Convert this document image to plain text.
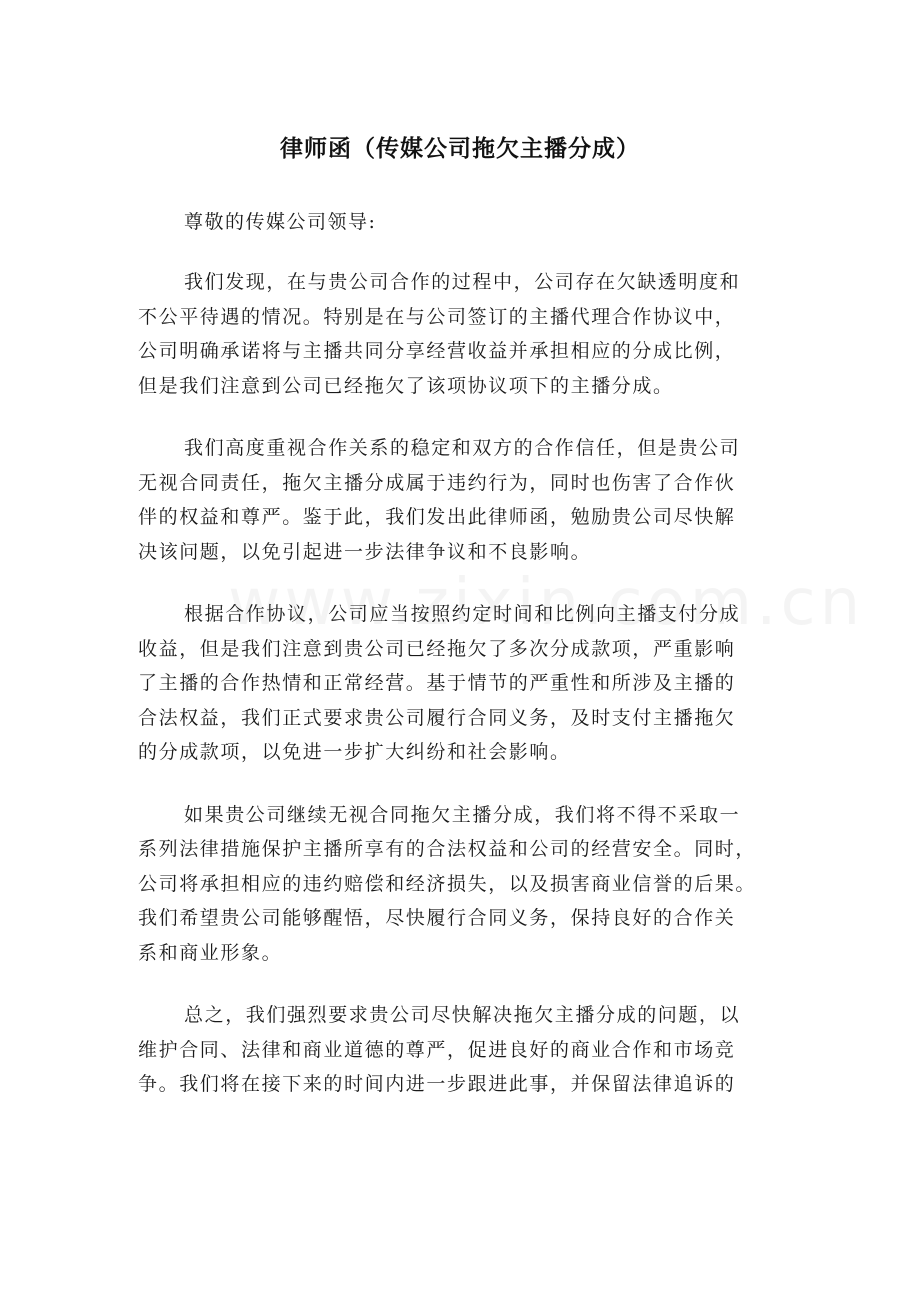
律师函（传媒公司拖欠主播分成）
尊敬的传媒公司领导:
我们发现，在与贵公司合作的过程中，公司存在欠缺透明度和
不公平待遇的情况。特别是在与公司签订的主播代理合作协议中，
公司明确承诺将与主播共同分享经营收益并承担相应的分成比例，
但是我们注意到公司已经拖欠了该项协议项下的主播分成。
我们高度重视合作关系的稳定和双方的合作信任，但是贵公司
无视合同责任，拖欠主播分成属于违约行为，同时也伤害了合作伙
伴的权益和尊严。鉴于此，我们发出此律师函，勉励贵公司尽快解
决该问题，以免引起进一步法律争议和不良影响。
根据合作协议，公司应当按照约定时间和比例向主播支付分成
收益，但是我们注意到贵公司已经拖欠了多次分成款项，严重影响
了主播的合作热情和正常经营。基于情节的严重性和所涉及主播的
合法权益，我们正式要求贵公司履行合同义务，及时支付主播拖欠
的分成款项，以免进一步扩大纠纷和社会影响。
如果贵公司继续无视合同拖欠主播分成，我们将不得不采取一
系列法律措施保护主播所享有的合法权益和公司的经营安全。同时，
公司将承担相应的违约赔偿和经济损失，以及损害商业信誉的后果。
我们希望贵公司能够醒悟，尽快履行合同义务，保持良好的合作关
系和商业形象。
总之，我们强烈要求贵公司尽快解决拖欠主播分成的问题，以
维护合同、法律和商业道德的尊严，促进良好的商业合作和市场竞
争。我们将在接下来的时间内进一步跟进此事，并保留法律追诉的
